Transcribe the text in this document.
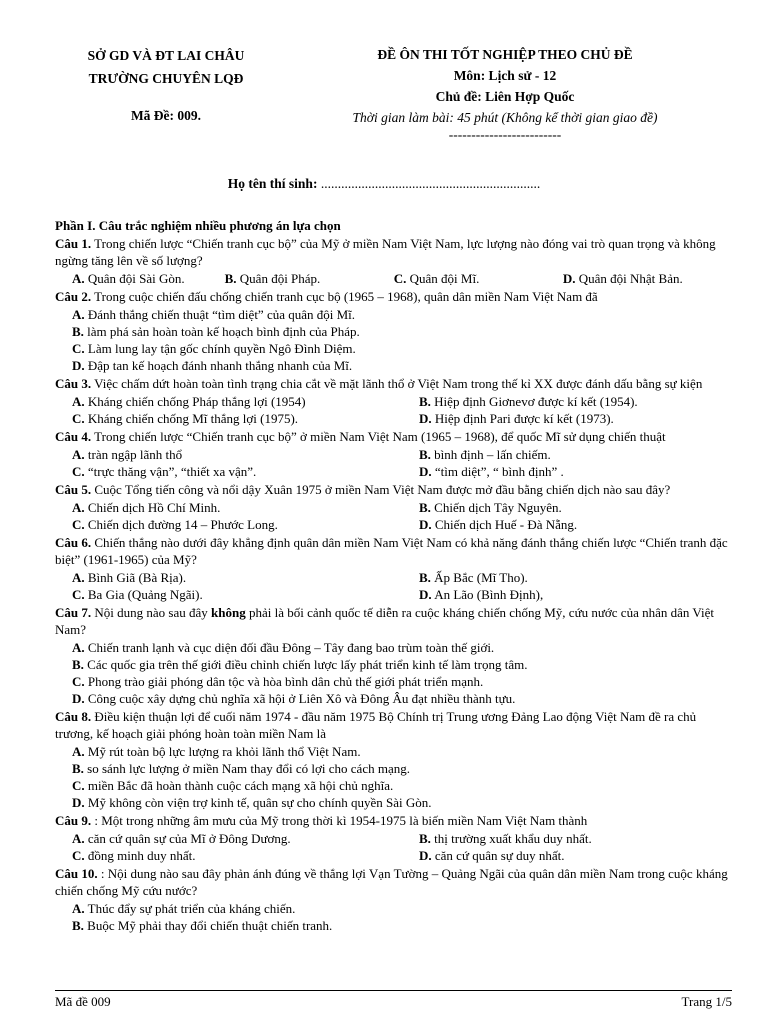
SỞ GD VÀ ĐT LAI CHÂU
TRƯỜNG CHUYÊN LQĐ
Mã Đề: 009.
ĐỀ ÔN THI TỐT NGHIỆP THEO CHỦ ĐỀ
Môn: Lịch sử - 12
Chủ đề: Liên Hợp Quốc
Thời gian làm bài: 45 phút (Không kể thời gian giao đề)
-------------------------
Họ tên thí sinh: .................................................................
Phần I. Câu trắc nghiệm nhiều phương án lựa chọn
Câu 1. Trong chiến lược “Chiến tranh cục bộ” của Mỹ ở miền Nam Việt Nam, lực lượng nào đóng vai trò quan trọng và không ngừng tăng lên về số lượng?
A. Quân đội Sài Gòn.	B. Quân đội Pháp.	C. Quân đội Mĩ.	D. Quân đội Nhật Bản.
Câu 2. Trong cuộc chiến đấu chống chiến tranh cục bộ (1965 – 1968), quân dân miền Nam Việt Nam đã
A. Đánh thắng chiến thuật “tìm diệt” của quân đội Mĩ.
B. làm phá sản hoàn toàn kế hoạch bình định của Pháp.
C. Làm lung lay tận gốc chính quyền Ngô Đình Diệm.
D. Đập tan kế hoạch đánh nhanh thắng nhanh của Mĩ.
Câu 3. Việc chấm dứt hoàn toàn tình trạng chia cắt về mặt lãnh thổ ở Việt Nam trong thế kỉ XX được đánh dấu bằng sự kiện
A. Kháng chiến chống Pháp thắng lợi (1954)	B. Hiệp định Giơnevơ được kí kết (1954).
C. Kháng chiến chống Mĩ thắng lợi (1975).	D. Hiệp định Pari được kí kết (1973).
Câu 4. Trong chiến lược “Chiến tranh cục bộ” ở miền Nam Việt Nam (1965 – 1968), để quốc Mĩ sử dụng chiến thuật
A. tràn ngập lãnh thổ	B. bình định – lấn chiếm.
C. “trực thăng vận”, “thiết xa vận”.	D. “tìm diệt”, “ bình định” .
Câu 5. Cuộc Tổng tiến công và nổi dậy Xuân 1975 ở miền Nam Việt Nam được mở đầu bằng chiến dịch nào sau đây?
A. Chiến dịch Hồ Chí Minh.	B. Chiến dịch Tây Nguyên.
C. Chiến dịch đường 14 – Phước Long.	D. Chiến dịch Huế - Đà Nẵng.
Câu 6. Chiến thắng nào dưới đây khẳng định quân dân miền Nam Việt Nam có khả năng đánh thắng chiến lược “Chiến tranh đặc biệt” (1961-1965) của Mỹ?
A. Bình Giã (Bà Rịa).	B. Ấp Bắc (Mĩ Tho).
C. Ba Gia (Quảng Ngãi).	D. An Lão (Bình Định),
Câu 7. Nội dung nào sau đây không phải là bối cảnh quốc tế diễn ra cuộc kháng chiến chống Mỹ, cứu nước của nhân dân Việt Nam?
A. Chiến tranh lạnh và cục diện đối đầu Đông – Tây đang bao trùm toàn thế giới.
B. Các quốc gia trên thế giới điều chỉnh chiến lược lấy phát triển kinh tế làm trọng tâm.
C. Phong trào giải phóng dân tộc và hòa bình dân chủ thế giới phát triển mạnh.
D. Công cuộc xây dựng chủ nghĩa xã hội ở Liên Xô và Đông Âu đạt nhiều thành tựu.
Câu 8. Điều kiện thuận lợi để cuối năm 1974 - đầu năm 1975 Bộ Chính trị Trung ương Đảng Lao động Việt Nam đề ra chủ trương, kế hoạch giải phóng hoàn toàn miền Nam là
A. Mỹ rút toàn bộ lực lượng ra khỏi lãnh thổ Việt Nam.
B. so sánh lực lượng ở miền Nam thay đổi có lợi cho cách mạng.
C. miền Bắc đã hoàn thành cuộc cách mạng xã hội chủ nghĩa.
D. Mỹ không còn viện trợ kinh tế, quân sự cho chính quyền Sài Gòn.
Câu 9. : Một trong những âm mưu của Mỹ trong thời kì 1954-1975 là biến miền Nam Việt Nam thành
A. căn cứ quân sự của Mĩ ở Đông Dương.	B. thị trường xuất khẩu duy nhất.
C. đồng minh duy nhất.	D. căn cứ quân sự duy nhất.
Câu 10. : Nội dung nào sau đây phản ánh đúng về thắng lợi Vạn Tường – Quảng Ngãi của quân dân miền Nam trong cuộc kháng chiến chống Mỹ cứu nước?
A. Thúc đẩy sự phát triển của kháng chiến.
B. Buộc Mỹ phải thay đổi chiến thuật chiến tranh.
Mã đề 009	Trang 1/5
